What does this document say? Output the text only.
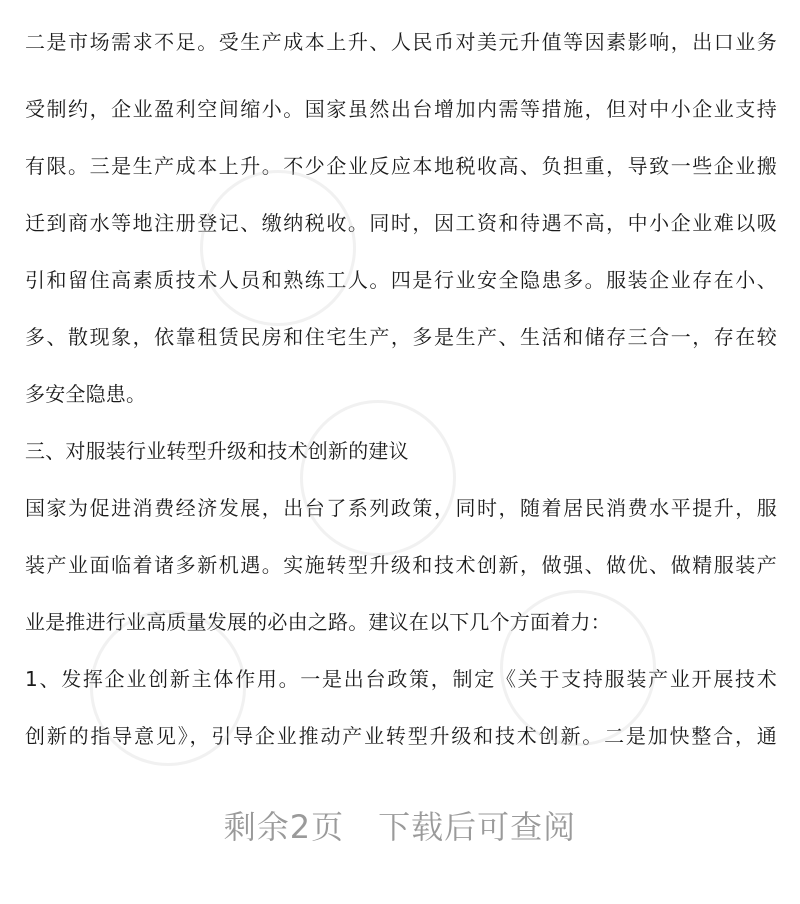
二是市场需求不足。受生产成本上升、人民币对美元升值等因素影响，出口业务
受制约，企业盈利空间缩小。国家虽然出台增加内需等措施，但对中小企业支持
有限。三是生产成本上升。不少企业反应本地税收高、负担重，导致一些企业搬
迁到商水等地注册登记、缴纳税收。同时，因工资和待遇不高，中小企业难以吸
引和留住高素质技术人员和熟练工人。四是行业安全隐患多。服装企业存在小、
多、散现象，依靠租赁民房和住宅生产，多是生产、生活和储存三合一，存在较
多安全隐患。
三、对服装行业转型升级和技术创新的建议
国家为促进消费经济发展，出台了系列政策，同时，随着居民消费水平提升，服
装产业面临着诸多新机遇。实施转型升级和技术创新，做强、做优、做精服装产
业是推进行业高质量发展的必由之路。建议在以下几个方面着力：
1、发挥企业创新主体作用。一是出台政策，制定《关于支持服装产业开展技术
创新的指导意见》，引导企业推动产业转型升级和技术创新。二是加快整合，通
剩余2页 下载后可查阅
